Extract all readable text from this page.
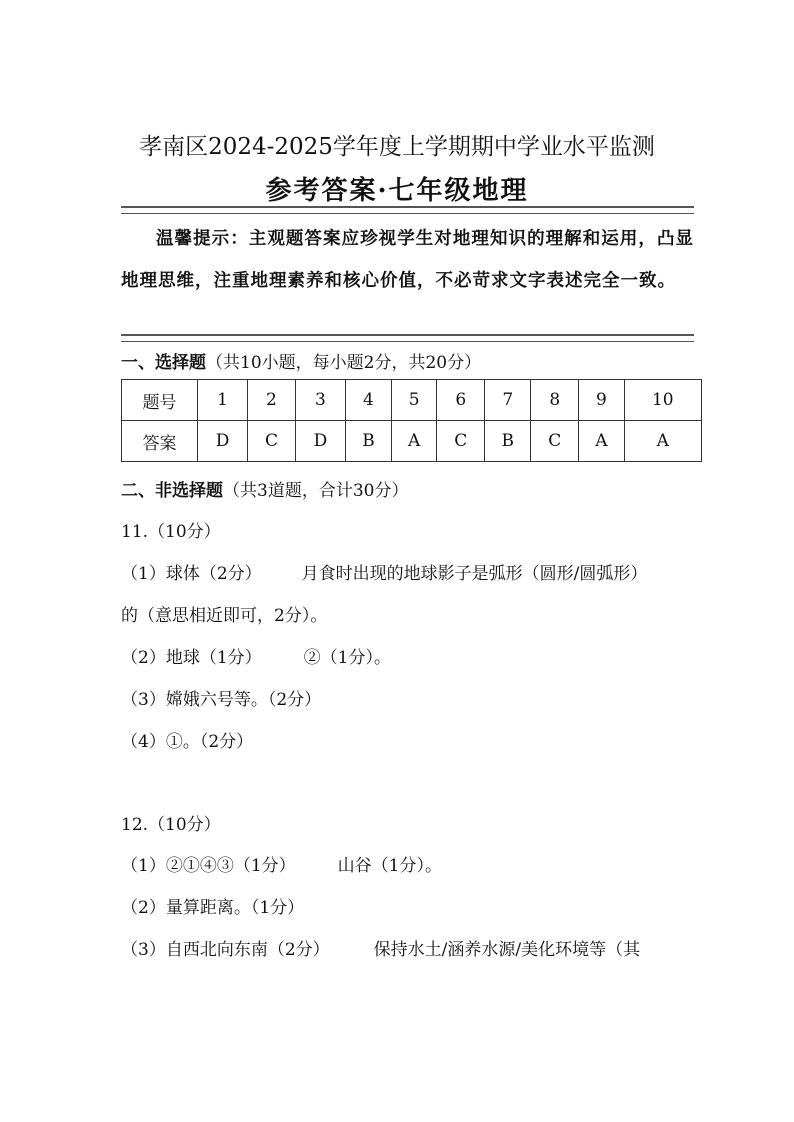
孝南区2024-2025学年度上学期期中学业水平监测
参考答案·七年级地理
温馨提示：主观题答案应珍视学生对地理知识的理解和运用，凸显地理思维，注重地理素养和核心价值，不必苛求文字表述完全一致。
一、选择题（共10小题，每小题2分，共20分）
题号	1	2	3	4	5	6	7	8	9	10
答案	D	C	D	B	A	C	B	C	A	A
二、非选择题（共3道题，合计30分）
11.（10分）
（1）球体（2分） 月食时出现的地球影子是弧形（圆形/圆弧形）
的（意思相近即可，2分）。
（2）地球（1分） ②（1分）。
（3）嫦娥六号等。（2分）
（4）①。（2分）
12.（10分）
（1）②①④③（1分） 山谷（1分）。
（2）量算距离。（1分）
（3）自西北向东南（2分）	保持水土/涵养水源/美化环境等（其
